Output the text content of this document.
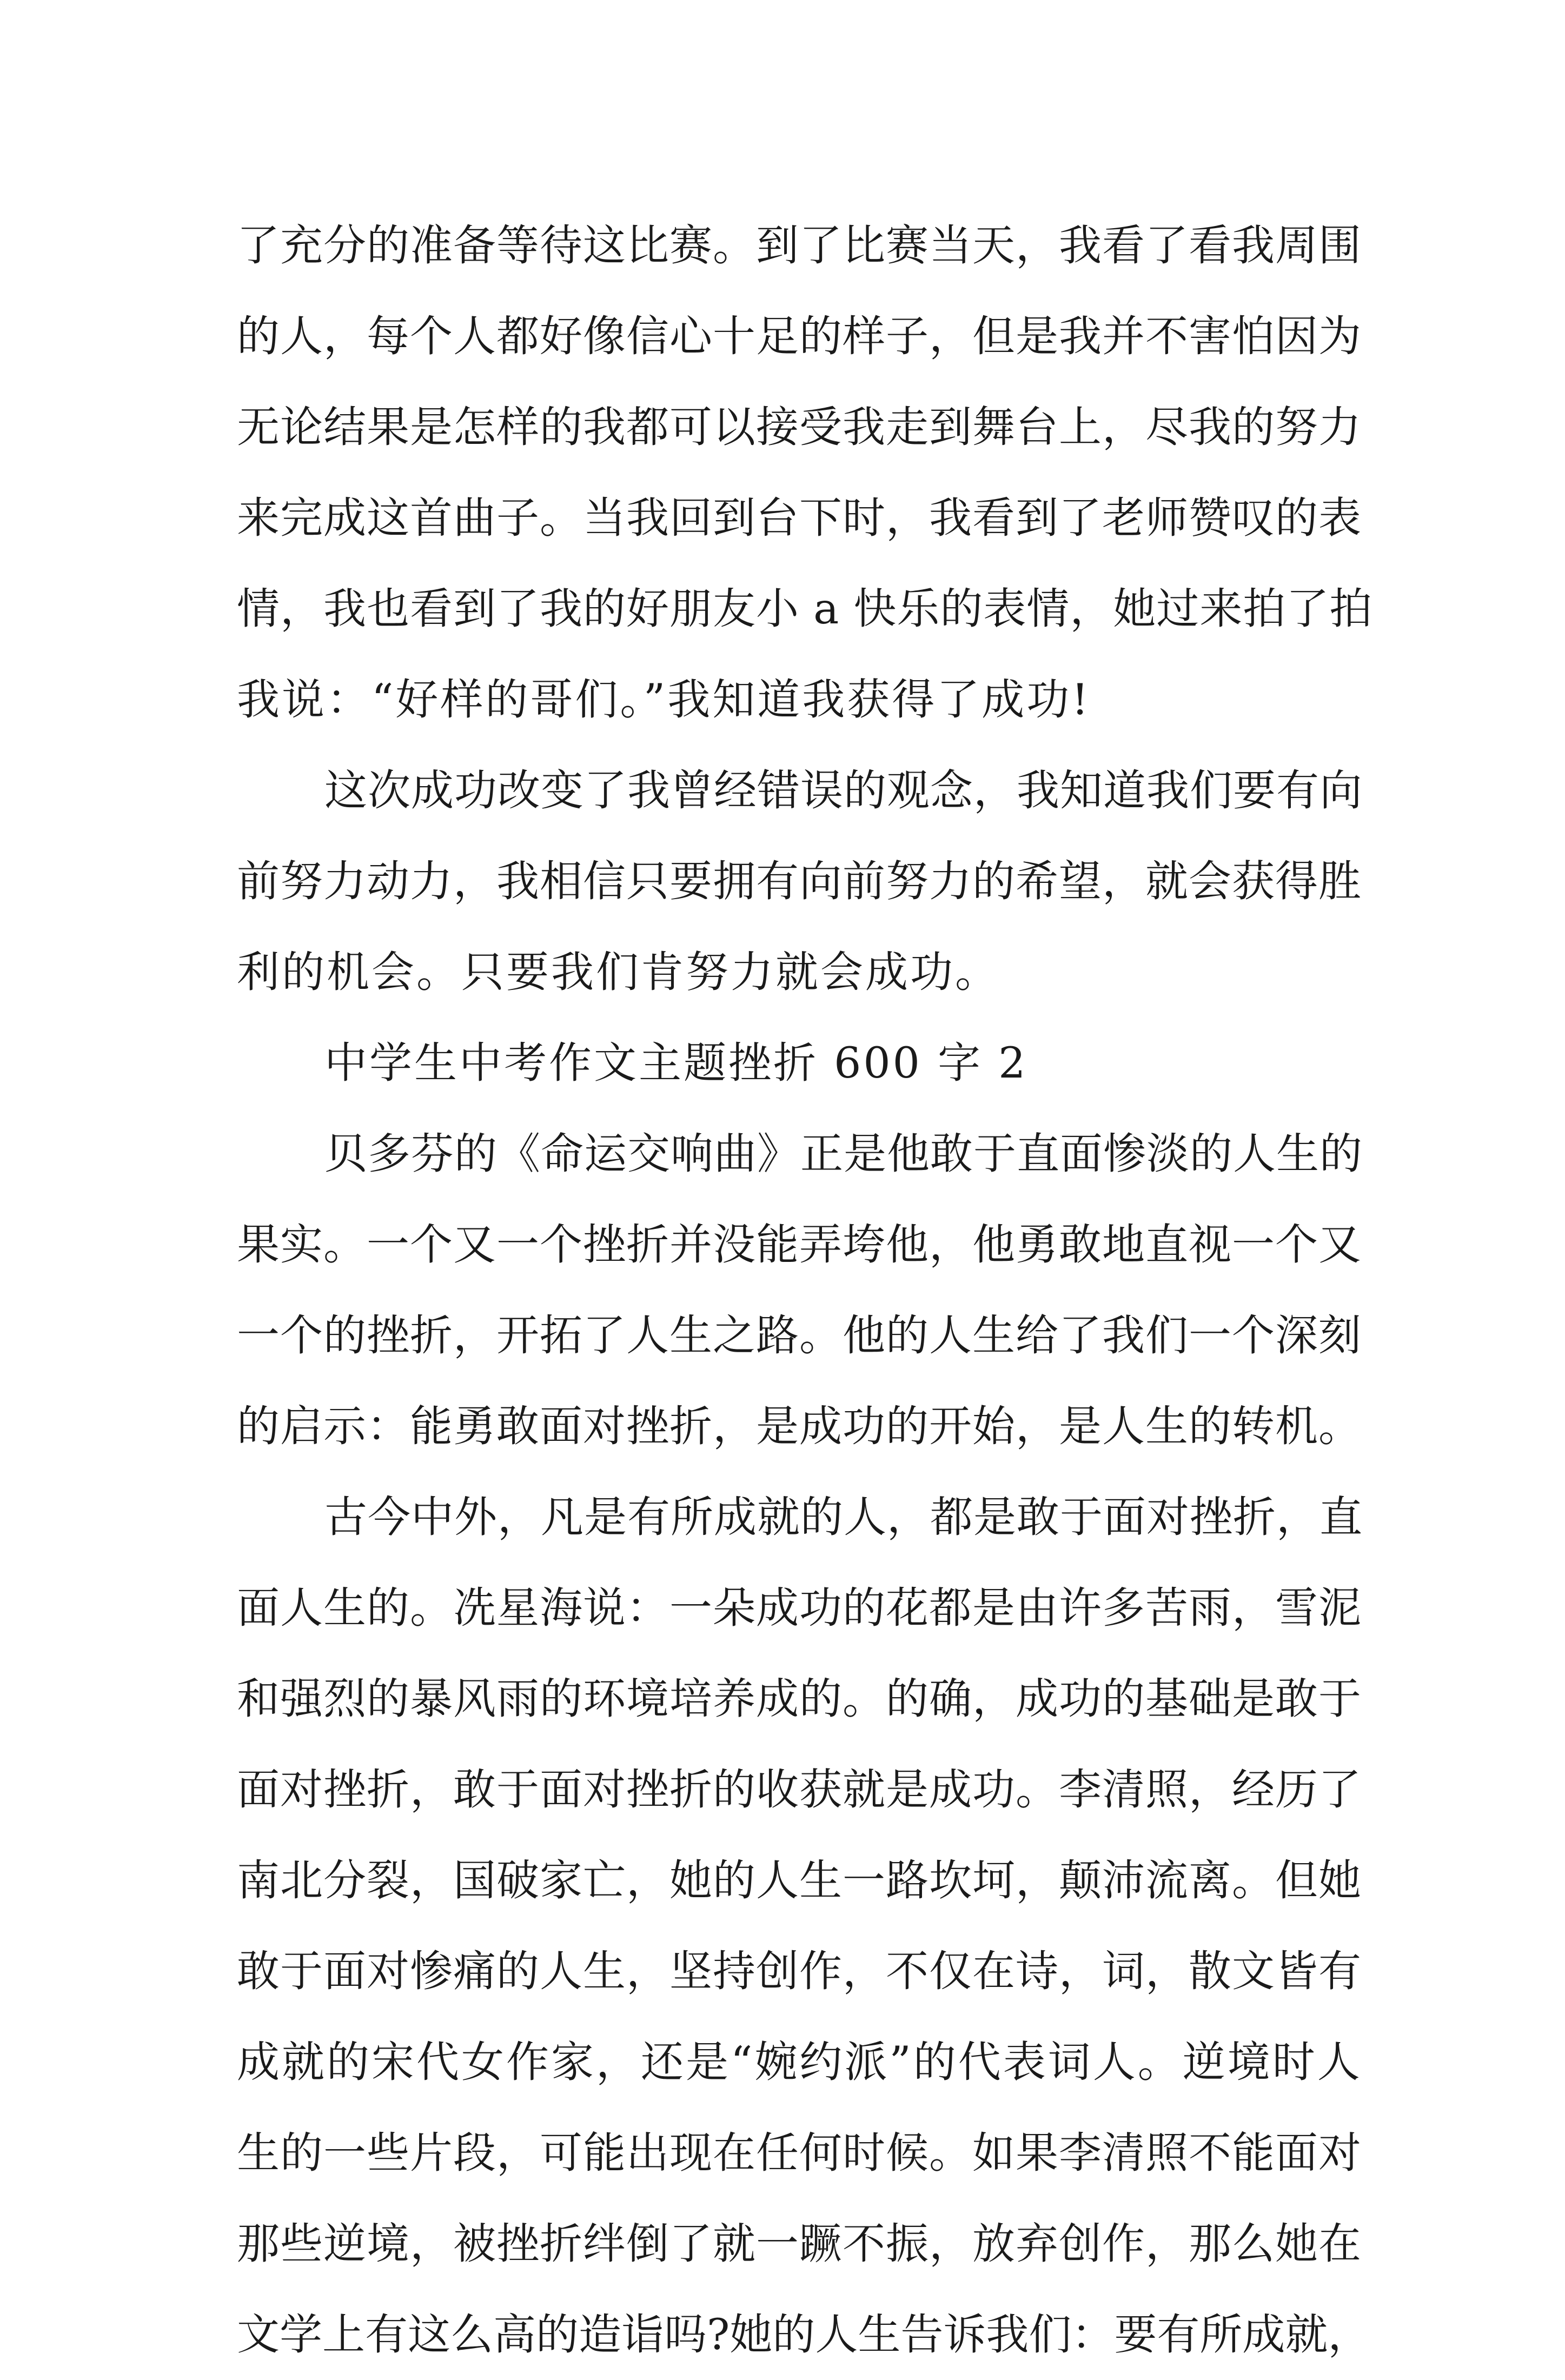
了充分的准备等待这比赛。到了比赛当天，我看了看我周围
的人，每个人都好像信心十足的样子，但是我并不害怕因为
无论结果是怎样的我都可以接受我走到舞台上，尽我的努力
来完成这首曲子。当我回到台下时，我看到了老师赞叹的表
情，我也看到了我的好朋友小 a 快乐的表情，她过来拍了拍
我说：“好样的哥们。”我知道我获得了成功!
这次成功改变了我曾经错误的观念，我知道我们要有向
前努力动力，我相信只要拥有向前努力的希望，就会获得胜
利的机会。只要我们肯努力就会成功。
中学生中考作文主题挫折 600 字 2
贝多芬的《命运交响曲》正是他敢于直面惨淡的人生的
果实。一个又一个挫折并没能弄垮他，他勇敢地直视一个又
一个的挫折，开拓了人生之路。他的人生给了我们一个深刻
的启示：能勇敢面对挫折，是成功的开始，是人生的转机。
古今中外，凡是有所成就的人，都是敢于面对挫折，直
面人生的。冼星海说：一朵成功的花都是由许多苦雨，雪泥
和强烈的暴风雨的环境培养成的。的确，成功的基础是敢于
面对挫折，敢于面对挫折的收获就是成功。李清照，经历了
南北分裂，国破家亡，她的人生一路坎坷，颠沛流离。但她
敢于面对惨痛的人生，坚持创作，不仅在诗，词，散文皆有
成就的宋代女作家，还是“婉约派”的代表词人。逆境时人
生的一些片段，可能出现在任何时候。如果李清照不能面对
那些逆境，被挫折绊倒了就一蹶不振，放弃创作，那么她在
文学上有这么高的造诣吗?她的人生告诉我们：要有所成就，
